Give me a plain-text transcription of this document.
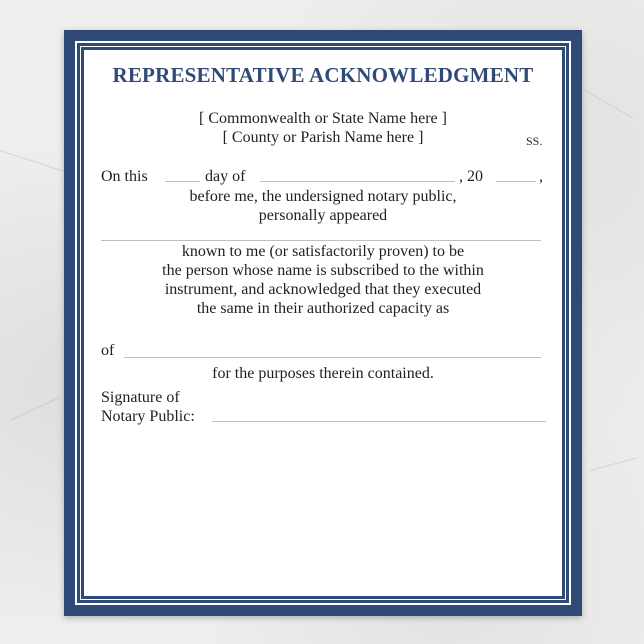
REPRESENTATIVE ACKNOWLEDGMENT
[ Commonwealth or State Name here ]
[ County or Parish Name here ]	SS.
On this	day of	, 20	,
before me, the undersigned notary public,
personally appeared
known to me (or satisfactorily proven) to be
the person whose name is subscribed to the within
instrument, and acknowledged that they executed
the same in their authorized capacity as
of
for the purposes therein contained.
Signature of
Notary Public:
